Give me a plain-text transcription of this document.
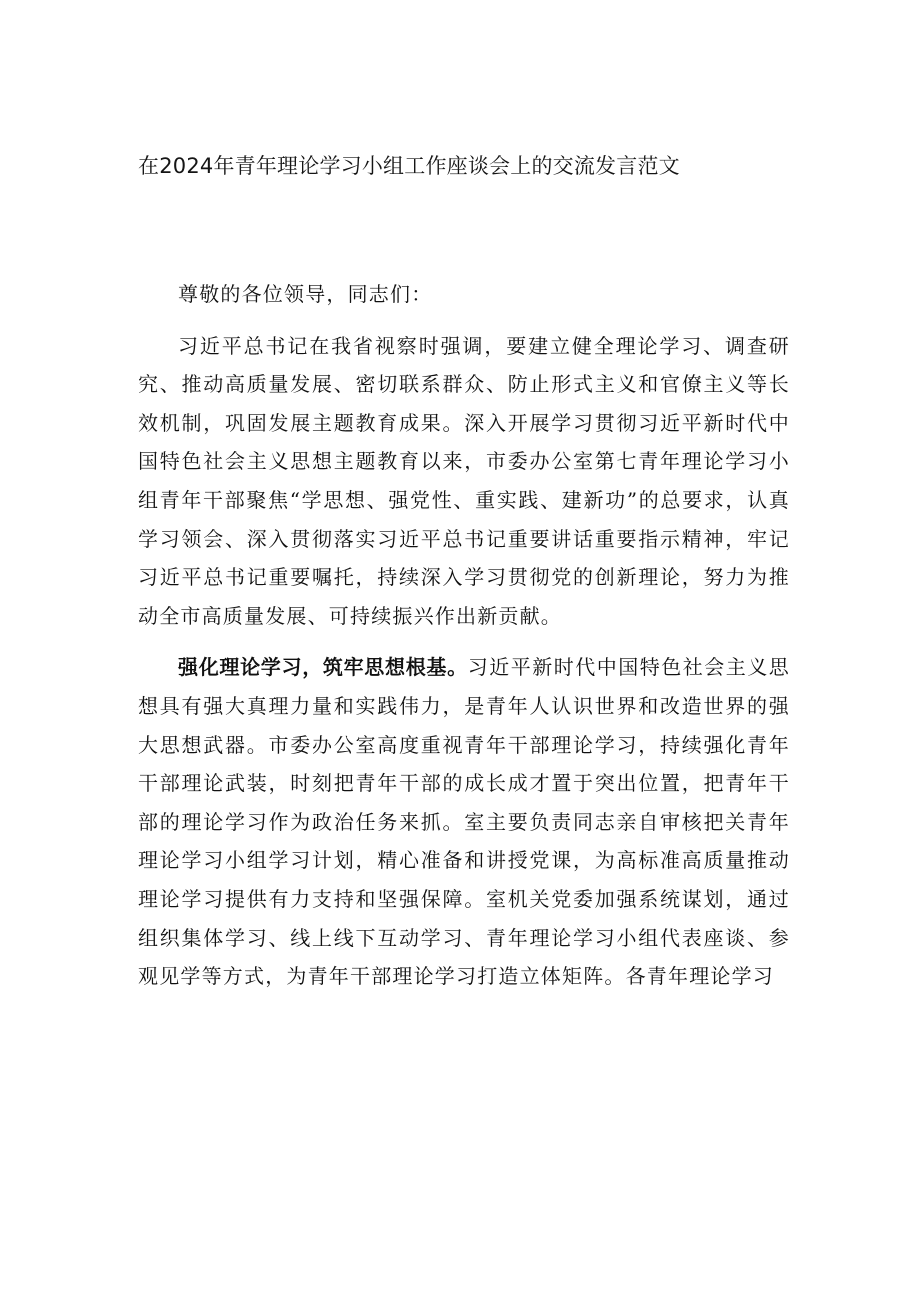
在2024年青年理论学习小组工作座谈会上的交流发言范文

尊敬的各位领导，同志们：

习近平总书记在我省视察时强调，要建立健全理论学习、调查研究、推动高质量发展、密切联系群众、防止形式主义和官僚主义等长效机制，巩固发展主题教育成果。深入开展学习贯彻习近平新时代中国特色社会主义思想主题教育以来，市委办公室第七青年理论学习小组青年干部聚焦“学思想、强党性、重实践、建新功”的总要求，认真学习领会、深入贯彻落实习近平总书记重要讲话重要指示精神，牢记习近平总书记重要嘱托，持续深入学习贯彻党的创新理论，努力为推动全市高质量发展、可持续振兴作出新贡献。

强化理论学习，筑牢思想根基。习近平新时代中国特色社会主义思想具有强大真理力量和实践伟力，是青年人认识世界和改造世界的强大思想武器。市委办公室高度重视青年干部理论学习，持续强化青年干部理论武装，时刻把青年干部的成长成才置于突出位置，把青年干部的理论学习作为政治任务来抓。室主要负责同志亲自审核把关青年理论学习小组学习计划，精心准备和讲授党课，为高标准高质量推动理论学习提供有力支持和坚强保障。室机关党委加强系统谋划，通过组织集体学习、线上线下互动学习、青年理论学习小组代表座谈、参观见学等方式，为青年干部理论学习打造立体矩阵。各青年理论学习
